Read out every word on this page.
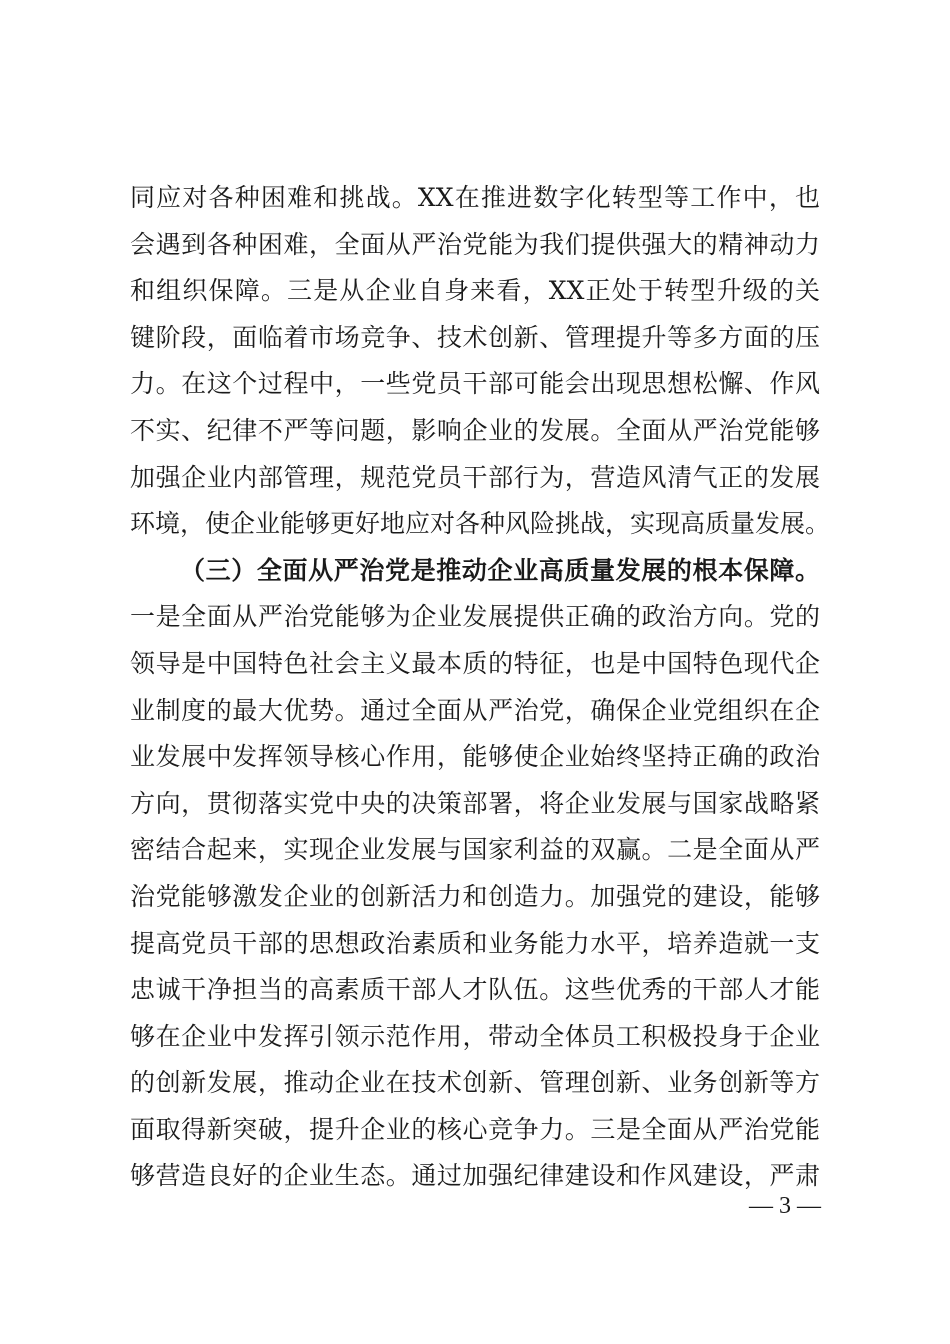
同应对各种困难和挑战。XX在推进数字化转型等工作中，也
会遇到各种困难，全面从严治党能为我们提供强大的精神动力
和组织保障。三是从企业自身来看，XX正处于转型升级的关
键阶段，面临着市场竞争、技术创新、管理提升等多方面的压
力。在这个过程中，一些党员干部可能会出现思想松懈、作风
不实、纪律不严等问题，影响企业的发展。全面从严治党能够
加强企业内部管理，规范党员干部行为，营造风清气正的发展
环境，使企业能够更好地应对各种风险挑战，实现高质量发展。
（三）全面从严治党是推动企业高质量发展的根本保障。
一是全面从严治党能够为企业发展提供正确的政治方向。党的
领导是中国特色社会主义最本质的特征，也是中国特色现代企
业制度的最大优势。通过全面从严治党，确保企业党组织在企
业发展中发挥领导核心作用，能够使企业始终坚持正确的政治
方向，贯彻落实党中央的决策部署，将企业发展与国家战略紧
密结合起来，实现企业发展与国家利益的双赢。二是全面从严
治党能够激发企业的创新活力和创造力。加强党的建设，能够
提高党员干部的思想政治素质和业务能力水平，培养造就一支
忠诚干净担当的高素质干部人才队伍。这些优秀的干部人才能
够在企业中发挥引领示范作用，带动全体员工积极投身于企业
的创新发展，推动企业在技术创新、管理创新、业务创新等方
面取得新突破，提升企业的核心竞争力。三是全面从严治党能
够营造良好的企业生态。通过加强纪律建设和作风建设，严肃
— 3 —
